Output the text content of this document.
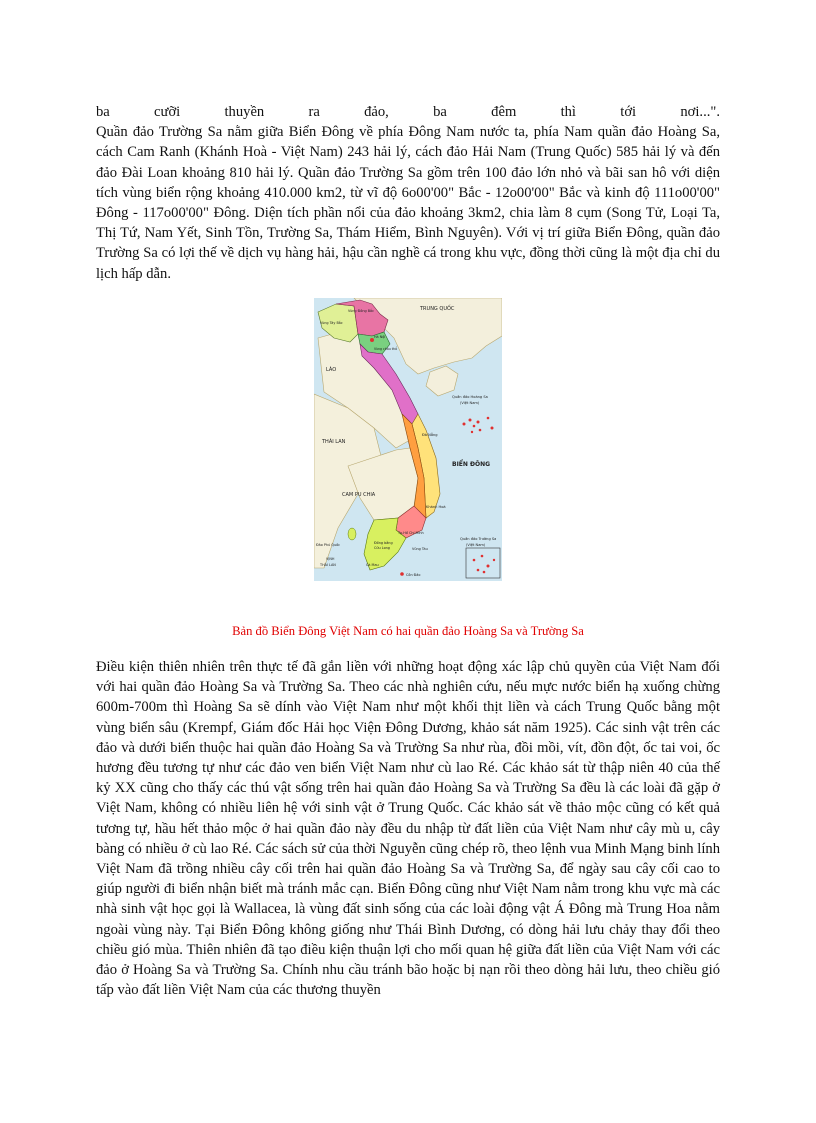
ba cưỡi thuyền ra đảo, ba đêm thì tới nơi...".
Quần đảo Trường Sa nằm giữa Biển Đông về phía Đông Nam nước ta, phía Nam quần đảo Hoàng Sa, cách Cam Ranh (Khánh Hoà - Việt Nam) 243 hải lý, cách đảo Hải Nam (Trung Quốc) 585 hải lý và đến đảo Đài Loan khoảng 810 hải lý. Quần đảo Trường Sa gồm trên 100 đảo lớn nhỏ và bãi san hô với diện tích vùng biển rộng khoảng 410.000 km2, từ vĩ độ 6o00'00" Bắc - 12o00'00" Bắc và kinh độ 111o00'00" Đông - 117o00'00" Đông. Diện tích phần nổi của đảo khoảng 3km2, chia làm 8 cụm (Song Tử, Loại Ta, Thị Tứ, Nam Yết, Sinh Tồn, Trường Sa, Thám Hiểm, Bình Nguyên). Với vị trí giữa Biển Đông, quần đảo Trường Sa có lợi thế về dịch vụ hàng hải, hậu cần nghề cá trong khu vực, đồng thời cũng là một địa chỉ du lịch hấp dẫn.
TRUNG QUỐC
LÀO
THÁI LAN
CAM PU CHIA
BIỂN ĐÔNG
Quần đảo Hoàng Sa
(Việt Nam)
Quần đảo Trường Sa
(Việt Nam)
Vùng Đông Bắc
Vùng Tây Bắc
Hà Nội
Vùng châu thổ
Đà Nẵng
Khánh Hoà
Tp.Hồ Chí Minh
Vũng Tàu
Đồng bằng
Cửu Long
Đảo Phú Quốc
VỊNH
THÁI LAN	Cà Mau
Côn Đảo

Bản đồ Biển Đông Việt Nam có hai quần đảo Hoàng Sa và Trường Sa

Điều kiện thiên nhiên trên thực tế đã gắn liền với những hoạt động xác lập chủ quyền của Việt Nam đối với hai quần đảo Hoàng Sa và Trường Sa. Theo các nhà nghiên cứu, nếu mực nước biển hạ xuống chừng 600m-700m thì Hoàng Sa sẽ dính vào Việt Nam như một khối thịt liền và cách Trung Quốc bằng một vùng biển sâu (Krempf, Giám đốc Hải học Viện Đông Dương, khảo sát năm 1925). Các sinh vật trên các đảo và dưới biển thuộc hai quần đảo Hoàng Sa và Trường Sa như rùa, đồi mồi, vít, đồn đột, ốc tai voi, ốc hương đều tương tự như các đảo ven biển Việt Nam như cù lao Ré. Các khảo sát từ thập niên 40 của thế kỷ XX cũng cho thấy các thú vật sống trên hai quần đảo Hoàng Sa và Trường Sa đều là các loài đã gặp ở Việt Nam, không có nhiều liên hệ với sinh vật ở Trung Quốc. Các khảo sát về thảo mộc cũng có kết quả tương tự, hầu hết thảo mộc ở hai quần đảo này đều du nhập từ đất liền của Việt Nam như cây mù u, cây bàng có nhiều ở cù lao Ré. Các sách sử của thời Nguyễn cũng chép rõ, theo lệnh vua Minh Mạng binh lính Việt Nam đã trồng nhiều cây cối trên hai quần đảo Hoàng Sa và Trường Sa, để ngày sau cây cối cao to giúp người đi biển nhận biết mà tránh mắc cạn. Biển Đông cũng như Việt Nam nằm trong khu vực mà các nhà sinh vật học gọi là Wallacea, là vùng đất sinh sống của các loài động vật Á Đông mà Trung Hoa nằm ngoài vùng này. Tại Biển Đông không giống như Thái Bình Dương, có dòng hải lưu chảy thay đổi theo chiều gió mùa. Thiên nhiên đã tạo điều kiện thuận lợi cho mối quan hệ giữa đất liền của Việt Nam với các đảo ở Hoàng Sa và Trường Sa. Chính nhu cầu tránh bão hoặc bị nạn rồi theo dòng hải lưu, theo chiều gió tấp vào đất liền Việt Nam của các thương thuyền
